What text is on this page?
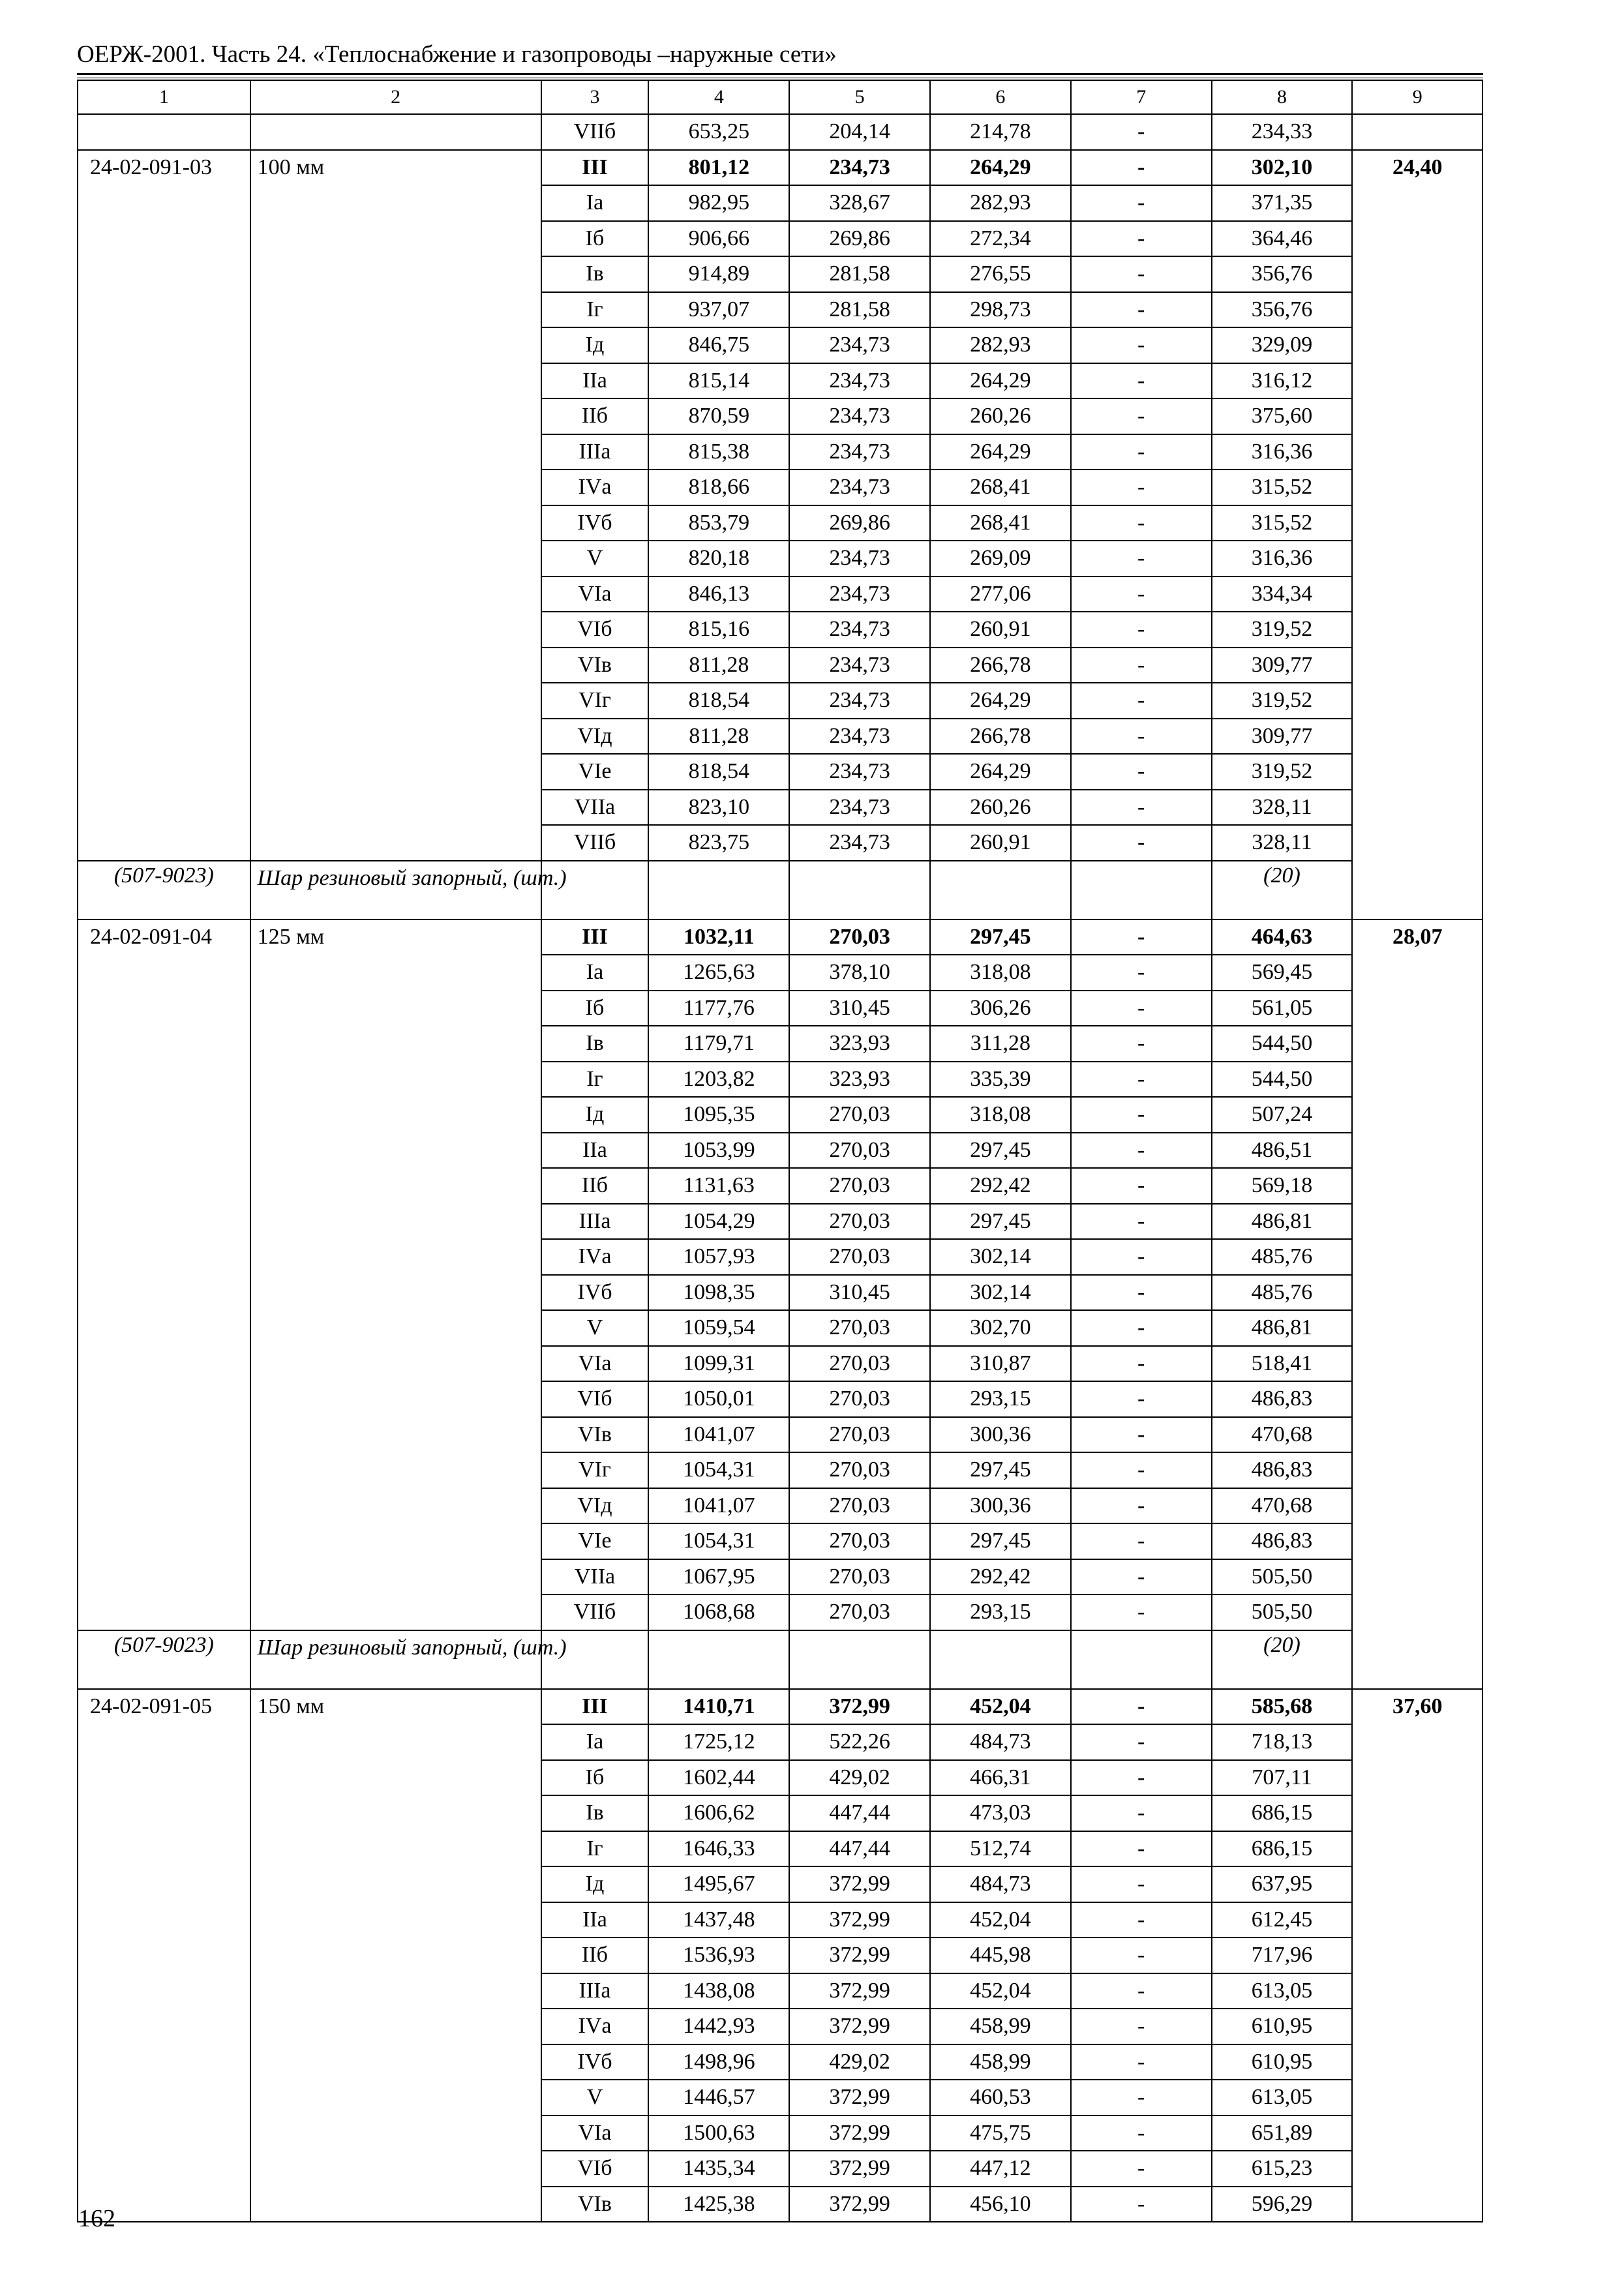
ОЕРЖ-2001. Часть 24. «Теплоснабжение и газопроводы –наружные сети»
1	2	3	4	5	6	7	8	9
		VIIб	653,25	204,14	214,78	-	234,33	
24-02-091-03	100 мм	III	801,12	234,73	264,29	-	302,10	24,40
		Iа	982,95	328,67	282,93	-	371,35	
		Iб	906,66	269,86	272,34	-	364,46	
		Iв	914,89	281,58	276,55	-	356,76	
		Iг	937,07	281,58	298,73	-	356,76	
		Iд	846,75	234,73	282,93	-	329,09	
		IIа	815,14	234,73	264,29	-	316,12	
		IIб	870,59	234,73	260,26	-	375,60	
		IIIа	815,38	234,73	264,29	-	316,36	
		IVа	818,66	234,73	268,41	-	315,52	
		IVб	853,79	269,86	268,41	-	315,52	
		V	820,18	234,73	269,09	-	316,36	
		VIа	846,13	234,73	277,06	-	334,34	
		VIб	815,16	234,73	260,91	-	319,52	
		VIв	811,28	234,73	266,78	-	309,77	
		VIг	818,54	234,73	264,29	-	319,52	
		VIд	811,28	234,73	266,78	-	309,77	
		VIе	818,54	234,73	264,29	-	319,52	
		VIIа	823,10	234,73	260,26	-	328,11	
		VIIб	823,75	234,73	260,91	-	328,11	
(507-9023)	Шар резиновый запорный, (шт.)						(20)	
24-02-091-04	125 мм	III	1032,11	270,03	297,45	-	464,63	28,07
		Iа	1265,63	378,10	318,08	-	569,45	
		Iб	1177,76	310,45	306,26	-	561,05	
		Iв	1179,71	323,93	311,28	-	544,50	
		Iг	1203,82	323,93	335,39	-	544,50	
		Iд	1095,35	270,03	318,08	-	507,24	
		IIа	1053,99	270,03	297,45	-	486,51	
		IIб	1131,63	270,03	292,42	-	569,18	
		IIIа	1054,29	270,03	297,45	-	486,81	
		IVа	1057,93	270,03	302,14	-	485,76	
		IVб	1098,35	310,45	302,14	-	485,76	
		V	1059,54	270,03	302,70	-	486,81	
		VIа	1099,31	270,03	310,87	-	518,41	
		VIб	1050,01	270,03	293,15	-	486,83	
		VIв	1041,07	270,03	300,36	-	470,68	
		VIг	1054,31	270,03	297,45	-	486,83	
		VIд	1041,07	270,03	300,36	-	470,68	
		VIе	1054,31	270,03	297,45	-	486,83	
		VIIа	1067,95	270,03	292,42	-	505,50	
		VIIб	1068,68	270,03	293,15	-	505,50	
(507-9023)	Шар резиновый запорный, (шт.)						(20)	
24-02-091-05	150 мм	III	1410,71	372,99	452,04	-	585,68	37,60
		Iа	1725,12	522,26	484,73	-	718,13	
		Iб	1602,44	429,02	466,31	-	707,11	
		Iв	1606,62	447,44	473,03	-	686,15	
		Iг	1646,33	447,44	512,74	-	686,15	
		Iд	1495,67	372,99	484,73	-	637,95	
		IIа	1437,48	372,99	452,04	-	612,45	
		IIб	1536,93	372,99	445,98	-	717,96	
		IIIа	1438,08	372,99	452,04	-	613,05	
		IVа	1442,93	372,99	458,99	-	610,95	
		IVб	1498,96	429,02	458,99	-	610,95	
		V	1446,57	372,99	460,53	-	613,05	
		VIа	1500,63	372,99	475,75	-	651,89	
		VIб	1435,34	372,99	447,12	-	615,23	
		VIв	1425,38	372,99	456,10	-	596,29	
162
